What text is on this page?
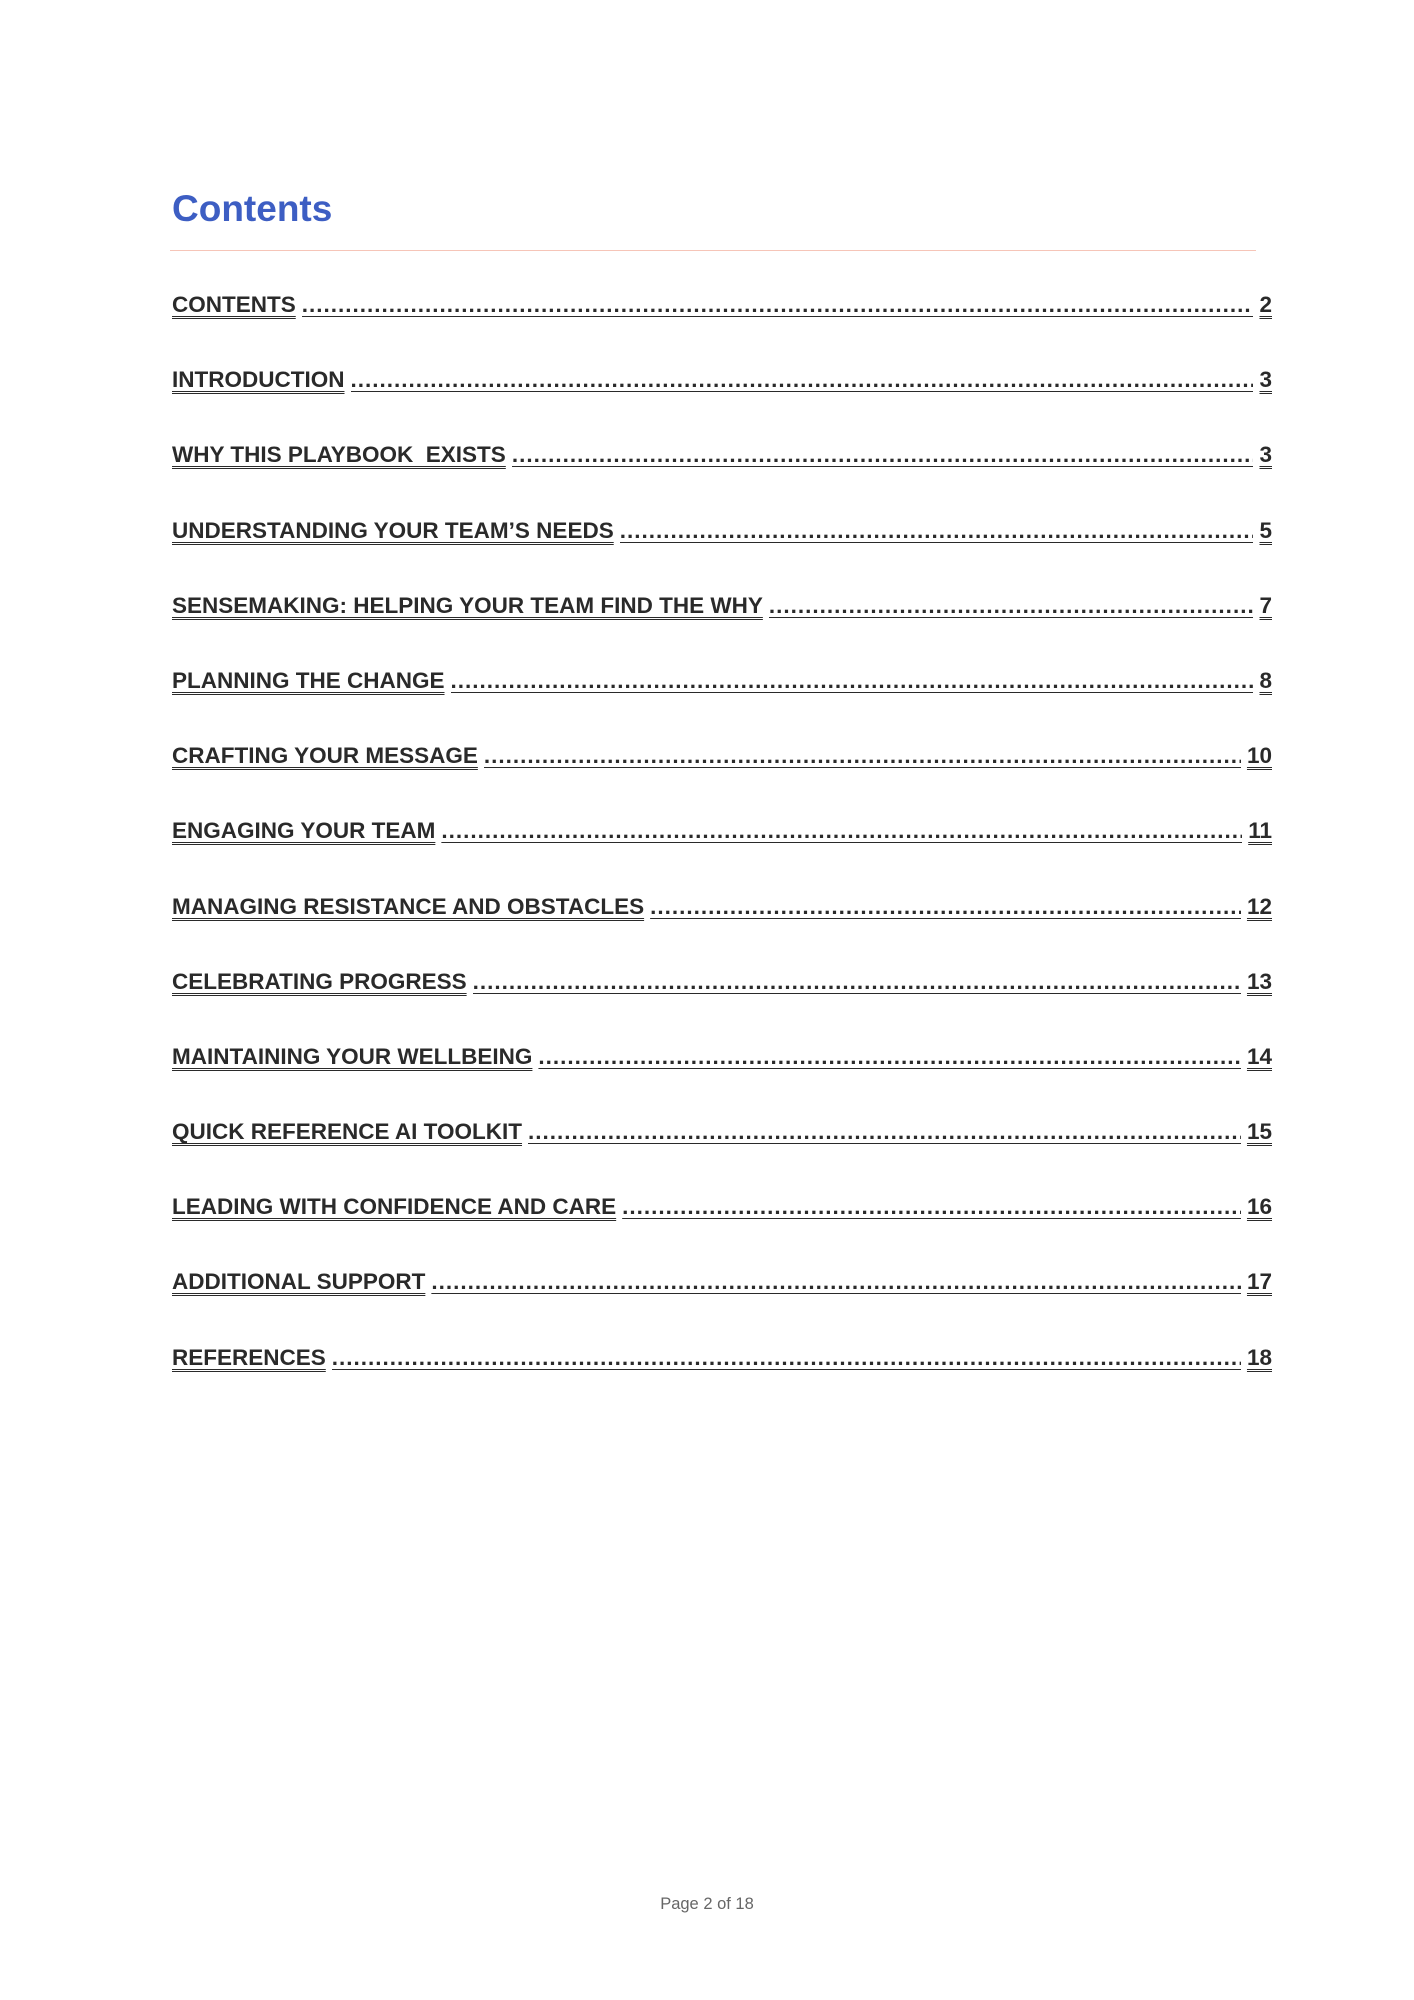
Contents
CONTENTS .....	2
INTRODUCTION .....	3
WHY THIS PLAYBOOK  EXISTS .....	3
UNDERSTANDING YOUR TEAM’S NEEDS .....	5
SENSEMAKING: HELPING YOUR TEAM FIND THE WHY .....	7
PLANNING THE CHANGE .....	8
CRAFTING YOUR MESSAGE .....	10
ENGAGING YOUR TEAM .....	11
MANAGING RESISTANCE AND OBSTACLES .....	12
CELEBRATING PROGRESS .....	13
MAINTAINING YOUR WELLBEING .....	14
QUICK REFERENCE AI TOOLKIT .....	15
LEADING WITH CONFIDENCE AND CARE .....	16
ADDITIONAL SUPPORT .....	17
REFERENCES .....	18
Page 2 of 18
